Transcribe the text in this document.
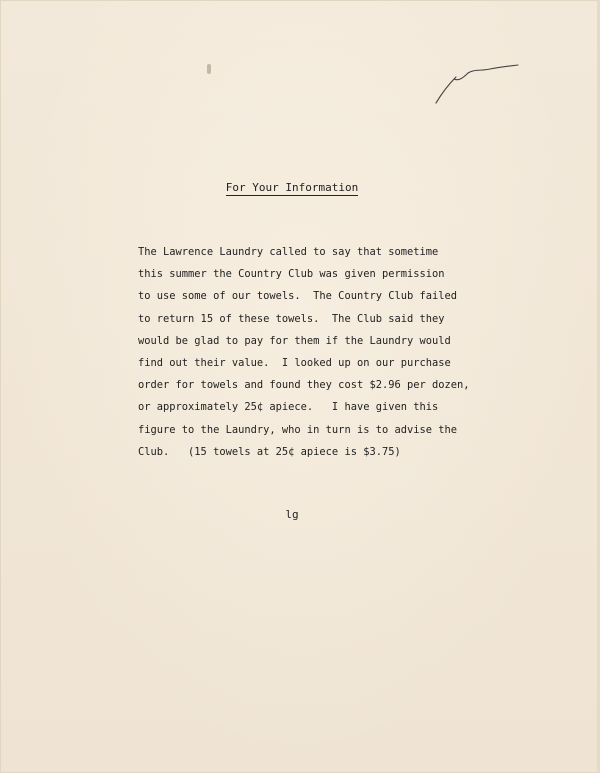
For Your Information
The Lawrence Laundry called to say that sometime
this summer the Country Club was given permission
to use some of our towels.  The Country Club failed
to return 15 of these towels.  The Club said they
would be glad to pay for them if the Laundry would
find out their value.  I looked up on our purchase
order for towels and found they cost $2.96 per dozen,
or approximately 25¢ apiece.   I have given this
figure to the Laundry, who in turn is to advise the
Club.   (15 towels at 25¢ apiece is $3.75)
lg
